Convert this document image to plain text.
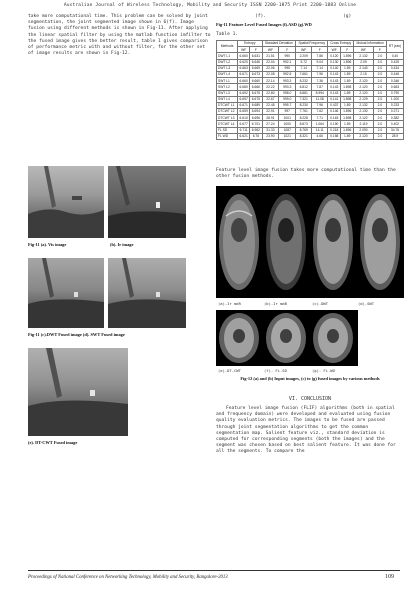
Australian Journal of Wireless Technology, Mobility and Security ISSN 2200-1875 Print 2200-1883 Online
take more computational time. This problem can be solved by joint segmentation, the joint segmented image shown in 6(f). Image fusion using different methods is shown in Fig-11. After applying the linear spatial filter by using the matlab function imfilter to the fused image gives the better result, table 1 gives comparison of performance metric with and without filter, for the other set of image results are shown in Fig-12.
Fig-11 (a). Vis image	(b). Ir image
Fig-11 (c).DWT Fused image (d). SWT Fused image
(e). DT-CWT Fused image
(f).	(g)
Fig-11 Feature Level Fused Images (f).ASD (g).WD
Table 1.
Methods	Entropy		Standard Deviation		Spatial Frequency		Cross Entropy		Mutual Information		RT (sec)
	WF	F	WF	F	WF	F	WF	F	WF	F	
DWT L1	6.660	6.631	21.51	990	2.209	7.86	0.120	1.896	2.132	2.0	0.40
DWT L2	6.620	6.646	22.04	992.1	5.72	9.04	0.130	1.896	2.09	2.0	0.425
DWT L3	6.663	6.669	22.06	995	7.14	7.14	0.140	1.89	2.140	2.0	0.434
DWT L4	6.671	6.673	22.08	992.5	7.661	7.96	0.143	1.89	2.15	2.0	0.446
SWT L1	6.660	6.660	22.14	993.3	8.232	7.36	0.143	1.89	2.120	2.0	0.346
SWT L2	6.680	6.666	22.22	993.3	6.812	7.87	0.143	1.898	2.120	2.0	0.663
SWT L3	6.692	6.675	22.80	998.0	6.881	8.994	0.143	1.89	2.120	2.0	0.790
SWT L4	6.697	6.675	22.67	999.0	7.321	11.08	0.141	1.898	2.129	2.0	1.200
DTCWT L1	6.671	6.689	22.45	995.7	8.230	7.96	0.437	1.89	2.132	2.0	0.233
DTCWT L2	6.659	6.694	22.91	997	7.761	7.62	0.146	1.896	2.130	2.0	0.271
DTCWT L3	6.610	6.696	28.91	1001	8.228	7.71	0.163	1.898	2.122	2.0	0.382
DTCWT L4	6.677	6.701	27.24	1000	8.873	1.064	0.190	1.89	2.119	2.0	0.402
FL SD	6.711	6.962	31.33	1087	8.769	14.11	0.218	1.896	2.090	2.0	34.76
FL WD	6.621	6.76	23.90	1021	8.321	4.66	0.158	1.89	2.120	2.0	28.9
Feature level image fusion takes more computational time than the other fusion methods.
(a).Ir mdR	(b).Ir mdB	(c).DWT	(d).SWT
(e).DT-CWT	(f). FL.SD	(g). FL.WD
Fig-12 (a) and (b) Input images, (c) to (g) fused images by various methods
VI. CONCLUSION
Feature level image fusion (FLIF) algorithms (both in spatial and frequency domain) were developed and evaluated using fusion quality evaluation metrics. The images to be fused are passed through joint segmentation algorithms to get the common segmentation map. Salient feature viz., standard deviation is computed for corresponding segments (both the images) and the segment was chosen based on best salient feature. It was done for all the segments. To compare the
Proceedings of National Conference on Networking Technology, Mobility and Security, Bangalore-2013	109
